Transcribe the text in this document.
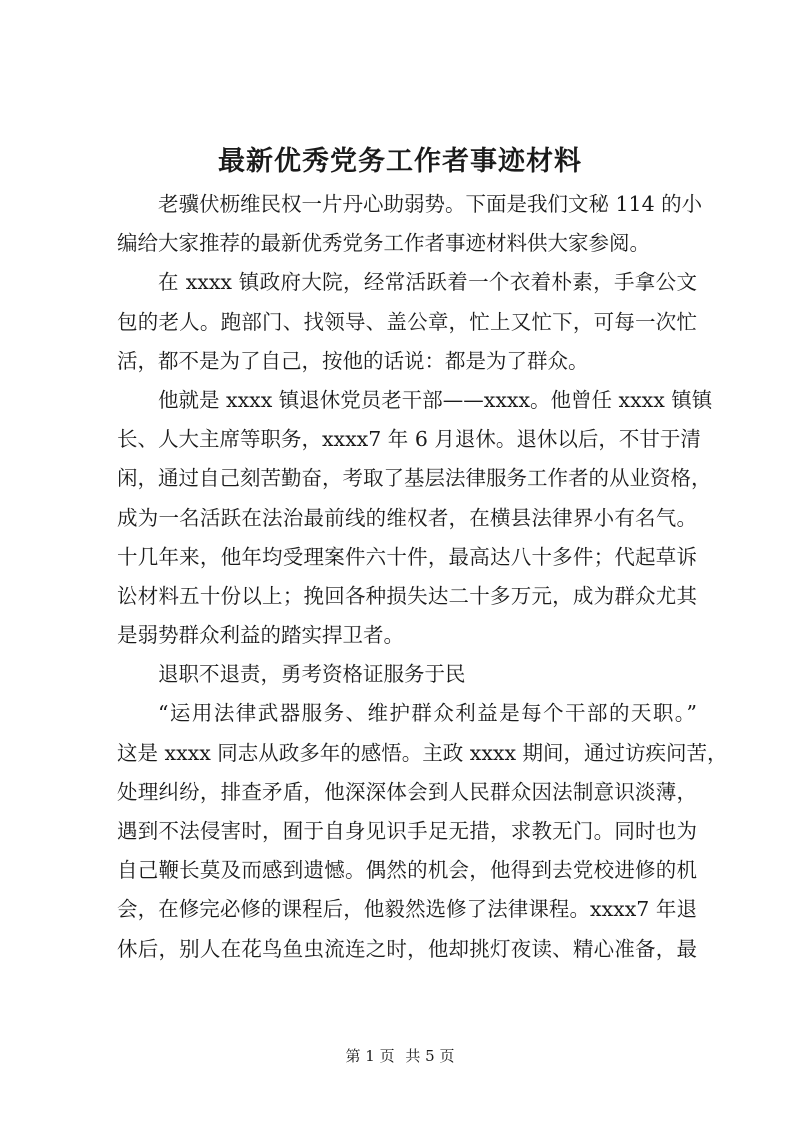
最新优秀党务工作者事迹材料

老骥伏枥维民权一片丹心助弱势。下面是我们文秘 114 的小

编给大家推荐的最新优秀党务工作者事迹材料供大家参阅。

在 xxxx 镇政府大院，经常活跃着一个衣着朴素，手拿公文

包的老人。跑部门、找领导、盖公章，忙上又忙下，可每一次忙

活，都不是为了自己，按他的话说：都是为了群众。

他就是 xxxx 镇退休党员老干部——xxxx。他曾任 xxxx 镇镇

长、人大主席等职务，xxxx7 年 6 月退休。退休以后，不甘于清

闲，通过自己刻苦勤奋，考取了基层法律服务工作者的从业资格，

成为一名活跃在法治最前线的维权者，在横县法律界小有名气。

十几年来，他年均受理案件六十件，最高达八十多件；代起草诉

讼材料五十份以上；挽回各种损失达二十多万元，成为群众尤其

是弱势群众利益的踏实捍卫者。

退职不退责，勇考资格证服务于民

“运用法律武器服务、维护群众利益是每个干部的天职。”

这是 xxxx 同志从政多年的感悟。主政 xxxx 期间，通过访疾问苦，

处理纠纷，排查矛盾，他深深体会到人民群众因法制意识淡薄，

遇到不法侵害时，囿于自身见识手足无措，求教无门。同时也为

自己鞭长莫及而感到遗憾。偶然的机会，他得到去党校进修的机

会，在修完必修的课程后，他毅然选修了法律课程。xxxx7 年退

休后，别人在花鸟鱼虫流连之时，他却挑灯夜读、精心准备，最

第 1 页 共 5 页
